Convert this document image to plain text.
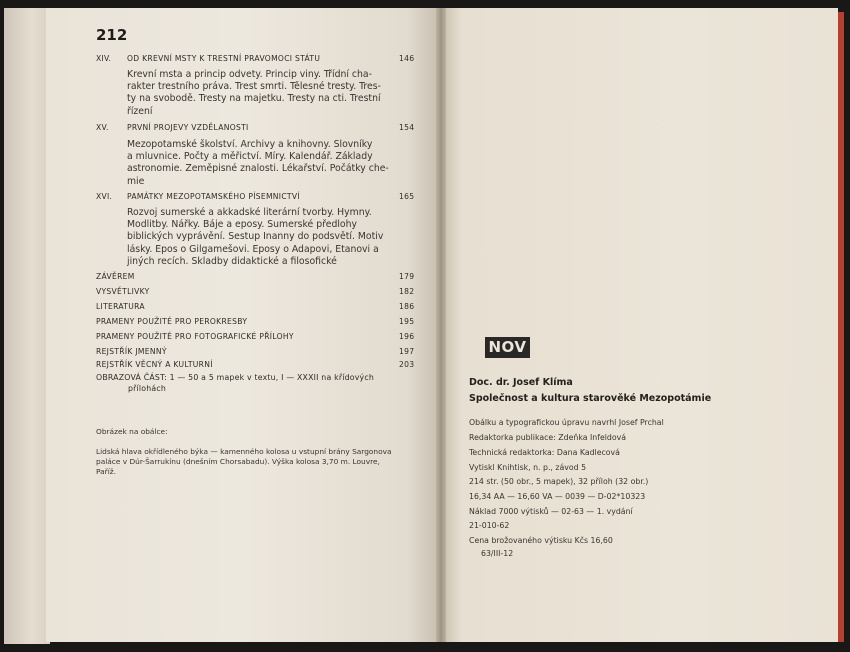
212
XIV.	OD KREVNÍ MSTY K TRESTNÍ PRAVOMOCI STÁTU	146
Krevní msta a princip odvety. Princip viny. Třídní cha-
rakter trestního práva. Trest smrti. Tělesné tresty. Tres-
ty na svobodě. Tresty na majetku. Tresty na cti. Trestní
řízení
XV.	PRVNÍ PROJEVY VZDĚLANOSTI	154
Mezopotamské školství. Archivy a knihovny. Slovníky
a mluvnice. Počty a měřictví. Míry. Kalendář. Základy
astronomie. Zeměpisné znalosti. Lékařství. Počátky che-
mie
XVI.	PAMÁTKY MEZOPOTAMSKÉHO PÍSEMNICTVÍ	165
Rozvoj sumerské a akkadské literární tvorby. Hymny.
Modlitby. Nářky. Báje a eposy. Sumerské předlohy
biblických vyprávění. Sestup Inanny do podsvětí. Motiv
lásky. Epos o Gilgamešovi. Eposy o Adapovi, Etanovi a
jiných recích. Skladby didaktické a filosofické
ZÁVĚREM	179
VYSVĚTLIVKY	182
LITERATURA	186
PRAMENY POUŽITÉ PRO PEROKRESBY	195
PRAMENY POUŽITÉ PRO FOTOGRAFICKÉ PŘÍLOHY	196
REJSTŘÍK JMENNÝ	197
REJSTŘÍK VĚCNÝ A KULTURNÍ	203
OBRAZOVÁ ČÁST: 1 — 50 a 5 mapek v textu, I — XXXII na křídových
přílohách
Obrázek na obálce:
Lidská hlava okřídleného býka — kamenného kolosa u vstupní brány Sargonova
paláce v Dúr-Šarrukínu (dnešním Chorsabadu). Výška kolosa 3,70 m. Louvre,
Paříž.
NOV
Doc. dr. Josef Klíma
Společnost a kultura starověké Mezopotámie
Obálku a typografickou úpravu navrhl Josef Prchal
Redaktorka publikace: Zdeňka Infeldová
Technická redaktorka: Dana Kadlecová
Vytiskl Knihtisk, n. p., závod 5
214 str. (50 obr., 5 mapek), 32 příloh (32 obr.)
16,34 AA — 16,60 VA — 0039 — D-02*10323
Náklad 7000 výtisků — 02-63 — 1. vydání
21-010-62
Cena brožovaného výtisku Kčs 16,60
63/III-12
